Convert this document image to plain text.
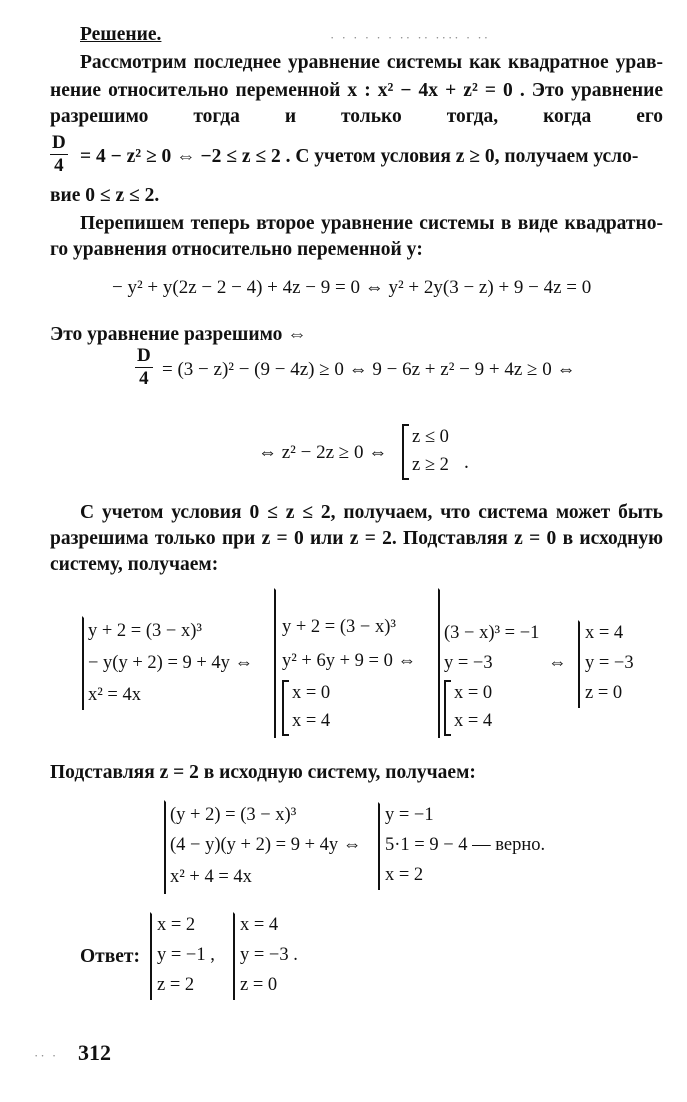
· · · · · · ·· ·· ···· · ··
Решение.
Рассмотрим последнее уравнение системы как квадратное урав-
нение относительно переменной x : x² − 4x + z² = 0 . Это уравнение
разрешимо тогда и только тогда, когда его
$\frac{D}{4} = 4 - z^2 \ge 0$ ⇔ −2 ≤ z ≤ 2 . С учетом условия z ≥ 0, получаем усло-
вие 0 ≤ z ≤ 2.
Перепишем теперь второе уравнение системы в виде квадратно-
го уравнения относительно переменной y:
− y² + y(2z − 2 − 4) + 4z − 9 = 0 ⇔ y² + 2y(3 − z) + 9 − 4z = 0
Это уравнение разрешимо ⇔
$\frac{D}{4} = (3 - z)^2 - (9 - 4z) \ge 0$ ⇔ 9 − 6z + z² − 9 + 4z ≥ 0 ⇔
⇔ z² − 2z ≥ 0 ⇔
z ≤ 0
z ≥ 2 .
С учетом условия 0 ≤ z ≤ 2, получаем, что система может быть
разрешима только при z = 0 или z = 2. Подставляя z = 0 в исходную
систему, получаем:
y + 2 = (3 − x)³
− y(y + 2) = 9 + 4y ⇔
x² = 4x
y + 2 = (3 − x)³
y² + 6y + 9 = 0 ⇔
x = 0
x = 4
(3 − x)³ = −1
y = −3
x = 0
x = 4
⇔
x = 4
y = −3
z = 0
Подставляя z = 2 в исходную систему, получаем:
(y + 2) = (3 − x)³
(4 − y)(y + 2) = 9 + 4y ⇔
x² + 4 = 4x
y = −1
5·1 = 9 − 4 — верно.
x = 2
Ответ:
x = 2
y = −1 ,
z = 2
x = 4
y = −3 .
z = 0
·· · 312
